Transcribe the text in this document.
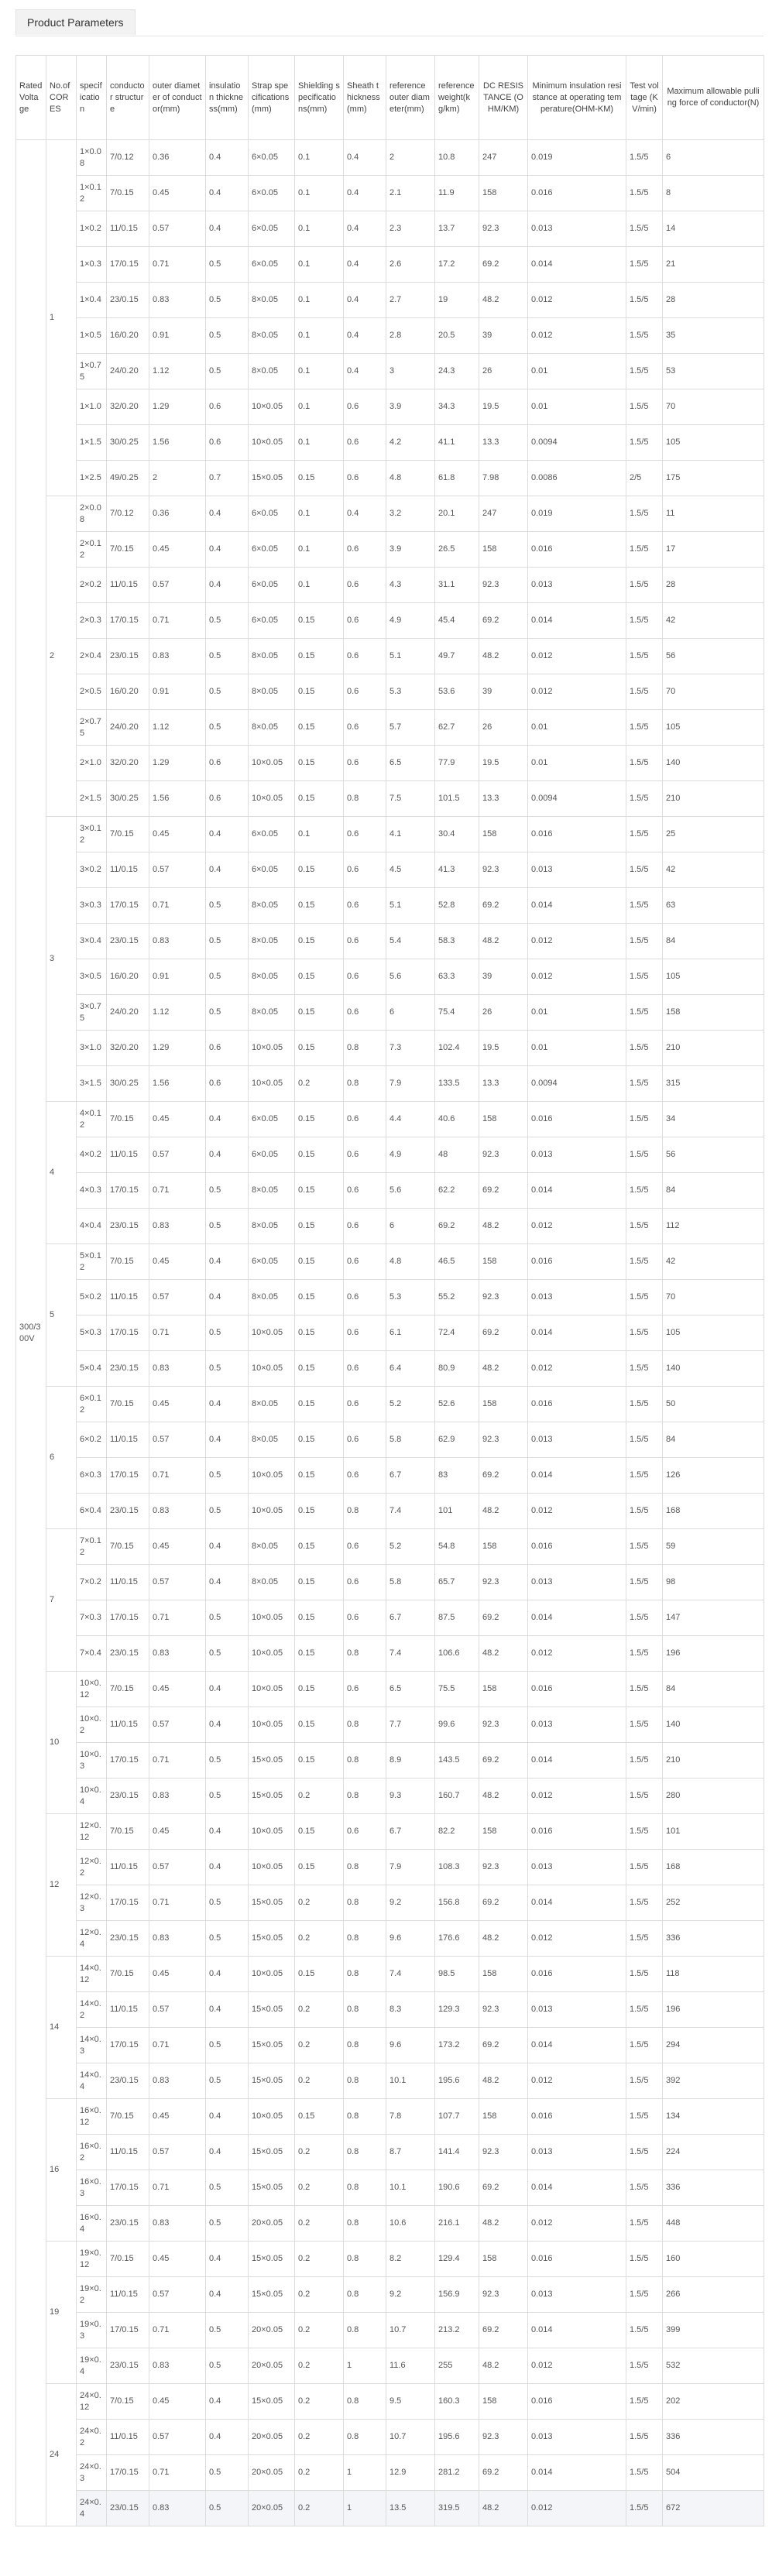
Product Parameters
Rated Voltage	No.of CORES	specification	conductor structure	outer diameter of conductor(mm)	insulation thickness(mm)	Strap specifications(mm)	Shielding specifications(mm)	Sheath thickness(mm)	reference outer diameter(mm)	reference weight(kg/km)	DC RESISTANCE (OHM/KM)	Minimum insulation resistance at operating temperature(OHM-KM)	Test voltage (KV/min)	Maximum allowable pulling force of conductor(N)
300/300V	1	1×0.08	7/0.12	0.36	0.4	6×0.05	0.1	0.4	2	10.8	247	0.019	1.5/5	6
		1×0.12	7/0.15	0.45	0.4	6×0.05	0.1	0.4	2.1	11.9	158	0.016	1.5/5	8
		1×0.2	11/0.15	0.57	0.4	6×0.05	0.1	0.4	2.3	13.7	92.3	0.013	1.5/5	14
		1×0.3	17/0.15	0.71	0.5	6×0.05	0.1	0.4	2.6	17.2	69.2	0.014	1.5/5	21
		1×0.4	23/0.15	0.83	0.5	8×0.05	0.1	0.4	2.7	19	48.2	0.012	1.5/5	28
		1×0.5	16/0.20	0.91	0.5	8×0.05	0.1	0.4	2.8	20.5	39	0.012	1.5/5	35
		1×0.75	24/0.20	1.12	0.5	8×0.05	0.1	0.4	3	24.3	26	0.01	1.5/5	53
		1×1.0	32/0.20	1.29	0.6	10×0.05	0.1	0.6	3.9	34.3	19.5	0.01	1.5/5	70
		1×1.5	30/0.25	1.56	0.6	10×0.05	0.1	0.6	4.2	41.1	13.3	0.0094	1.5/5	105
		1×2.5	49/0.25	2	0.7	15×0.05	0.15	0.6	4.8	61.8	7.98	0.0086	2/5	175
	2	2×0.08	7/0.12	0.36	0.4	6×0.05	0.1	0.4	3.2	20.1	247	0.019	1.5/5	11
		2×0.12	7/0.15	0.45	0.4	6×0.05	0.1	0.6	3.9	26.5	158	0.016	1.5/5	17
		2×0.2	11/0.15	0.57	0.4	6×0.05	0.1	0.6	4.3	31.1	92.3	0.013	1.5/5	28
		2×0.3	17/0.15	0.71	0.5	6×0.05	0.15	0.6	4.9	45.4	69.2	0.014	1.5/5	42
		2×0.4	23/0.15	0.83	0.5	8×0.05	0.15	0.6	5.1	49.7	48.2	0.012	1.5/5	56
		2×0.5	16/0.20	0.91	0.5	8×0.05	0.15	0.6	5.3	53.6	39	0.012	1.5/5	70
		2×0.75	24/0.20	1.12	0.5	8×0.05	0.15	0.6	5.7	62.7	26	0.01	1.5/5	105
		2×1.0	32/0.20	1.29	0.6	10×0.05	0.15	0.6	6.5	77.9	19.5	0.01	1.5/5	140
		2×1.5	30/0.25	1.56	0.6	10×0.05	0.15	0.8	7.5	101.5	13.3	0.0094	1.5/5	210
	3	3×0.12	7/0.15	0.45	0.4	6×0.05	0.1	0.6	4.1	30.4	158	0.016	1.5/5	25
		3×0.2	11/0.15	0.57	0.4	6×0.05	0.15	0.6	4.5	41.3	92.3	0.013	1.5/5	42
		3×0.3	17/0.15	0.71	0.5	8×0.05	0.15	0.6	5.1	52.8	69.2	0.014	1.5/5	63
		3×0.4	23/0.15	0.83	0.5	8×0.05	0.15	0.6	5.4	58.3	48.2	0.012	1.5/5	84
		3×0.5	16/0.20	0.91	0.5	8×0.05	0.15	0.6	5.6	63.3	39	0.012	1.5/5	105
		3×0.75	24/0.20	1.12	0.5	8×0.05	0.15	0.6	6	75.4	26	0.01	1.5/5	158
		3×1.0	32/0.20	1.29	0.6	10×0.05	0.15	0.8	7.3	102.4	19.5	0.01	1.5/5	210
		3×1.5	30/0.25	1.56	0.6	10×0.05	0.2	0.8	7.9	133.5	13.3	0.0094	1.5/5	315
	4	4×0.12	7/0.15	0.45	0.4	6×0.05	0.15	0.6	4.4	40.6	158	0.016	1.5/5	34
		4×0.2	11/0.15	0.57	0.4	6×0.05	0.15	0.6	4.9	48	92.3	0.013	1.5/5	56
		4×0.3	17/0.15	0.71	0.5	8×0.05	0.15	0.6	5.6	62.2	69.2	0.014	1.5/5	84
		4×0.4	23/0.15	0.83	0.5	8×0.05	0.15	0.6	6	69.2	48.2	0.012	1.5/5	112
	5	5×0.12	7/0.15	0.45	0.4	6×0.05	0.15	0.6	4.8	46.5	158	0.016	1.5/5	42
		5×0.2	11/0.15	0.57	0.4	8×0.05	0.15	0.6	5.3	55.2	92.3	0.013	1.5/5	70
		5×0.3	17/0.15	0.71	0.5	10×0.05	0.15	0.6	6.1	72.4	69.2	0.014	1.5/5	105
		5×0.4	23/0.15	0.83	0.5	10×0.05	0.15	0.6	6.4	80.9	48.2	0.012	1.5/5	140
	6	6×0.12	7/0.15	0.45	0.4	8×0.05	0.15	0.6	5.2	52.6	158	0.016	1.5/5	50
		6×0.2	11/0.15	0.57	0.4	8×0.05	0.15	0.6	5.8	62.9	92.3	0.013	1.5/5	84
		6×0.3	17/0.15	0.71	0.5	10×0.05	0.15	0.6	6.7	83	69.2	0.014	1.5/5	126
		6×0.4	23/0.15	0.83	0.5	10×0.05	0.15	0.8	7.4	101	48.2	0.012	1.5/5	168
	7	7×0.12	7/0.15	0.45	0.4	8×0.05	0.15	0.6	5.2	54.8	158	0.016	1.5/5	59
		7×0.2	11/0.15	0.57	0.4	8×0.05	0.15	0.6	5.8	65.7	92.3	0.013	1.5/5	98
		7×0.3	17/0.15	0.71	0.5	10×0.05	0.15	0.6	6.7	87.5	69.2	0.014	1.5/5	147
		7×0.4	23/0.15	0.83	0.5	10×0.05	0.15	0.8	7.4	106.6	48.2	0.012	1.5/5	196
	10	10×0.12	7/0.15	0.45	0.4	10×0.05	0.15	0.6	6.5	75.5	158	0.016	1.5/5	84
		10×0.2	11/0.15	0.57	0.4	10×0.05	0.15	0.8	7.7	99.6	92.3	0.013	1.5/5	140
		10×0.3	17/0.15	0.71	0.5	15×0.05	0.15	0.8	8.9	143.5	69.2	0.014	1.5/5	210
		10×0.4	23/0.15	0.83	0.5	15×0.05	0.2	0.8	9.3	160.7	48.2	0.012	1.5/5	280
	12	12×0.12	7/0.15	0.45	0.4	10×0.05	0.15	0.6	6.7	82.2	158	0.016	1.5/5	101
		12×0.2	11/0.15	0.57	0.4	10×0.05	0.15	0.8	7.9	108.3	92.3	0.013	1.5/5	168
		12×0.3	17/0.15	0.71	0.5	15×0.05	0.2	0.8	9.2	156.8	69.2	0.014	1.5/5	252
		12×0.4	23/0.15	0.83	0.5	15×0.05	0.2	0.8	9.6	176.6	48.2	0.012	1.5/5	336
	14	14×0.12	7/0.15	0.45	0.4	10×0.05	0.15	0.8	7.4	98.5	158	0.016	1.5/5	118
		14×0.2	11/0.15	0.57	0.4	15×0.05	0.2	0.8	8.3	129.3	92.3	0.013	1.5/5	196
		14×0.3	17/0.15	0.71	0.5	15×0.05	0.2	0.8	9.6	173.2	69.2	0.014	1.5/5	294
		14×0.4	23/0.15	0.83	0.5	15×0.05	0.2	0.8	10.1	195.6	48.2	0.012	1.5/5	392
	16	16×0.12	7/0.15	0.45	0.4	10×0.05	0.15	0.8	7.8	107.7	158	0.016	1.5/5	134
		16×0.2	11/0.15	0.57	0.4	15×0.05	0.2	0.8	8.7	141.4	92.3	0.013	1.5/5	224
		16×0.3	17/0.15	0.71	0.5	15×0.05	0.2	0.8	10.1	190.6	69.2	0.014	1.5/5	336
		16×0.4	23/0.15	0.83	0.5	20×0.05	0.2	0.8	10.6	216.1	48.2	0.012	1.5/5	448
	19	19×0.12	7/0.15	0.45	0.4	15×0.05	0.2	0.8	8.2	129.4	158	0.016	1.5/5	160
		19×0.2	11/0.15	0.57	0.4	15×0.05	0.2	0.8	9.2	156.9	92.3	0.013	1.5/5	266
		19×0.3	17/0.15	0.71	0.5	20×0.05	0.2	0.8	10.7	213.2	69.2	0.014	1.5/5	399
		19×0.4	23/0.15	0.83	0.5	20×0.05	0.2	1	11.6	255	48.2	0.012	1.5/5	532
	24	24×0.12	7/0.15	0.45	0.4	15×0.05	0.2	0.8	9.5	160.3	158	0.016	1.5/5	202
		24×0.2	11/0.15	0.57	0.4	20×0.05	0.2	0.8	10.7	195.6	92.3	0.013	1.5/5	336
		24×0.3	17/0.15	0.71	0.5	20×0.05	0.2	1	12.9	281.2	69.2	0.014	1.5/5	504
		24×0.4	23/0.15	0.83	0.5	20×0.05	0.2	1	13.5	319.5	48.2	0.012	1.5/5	672
